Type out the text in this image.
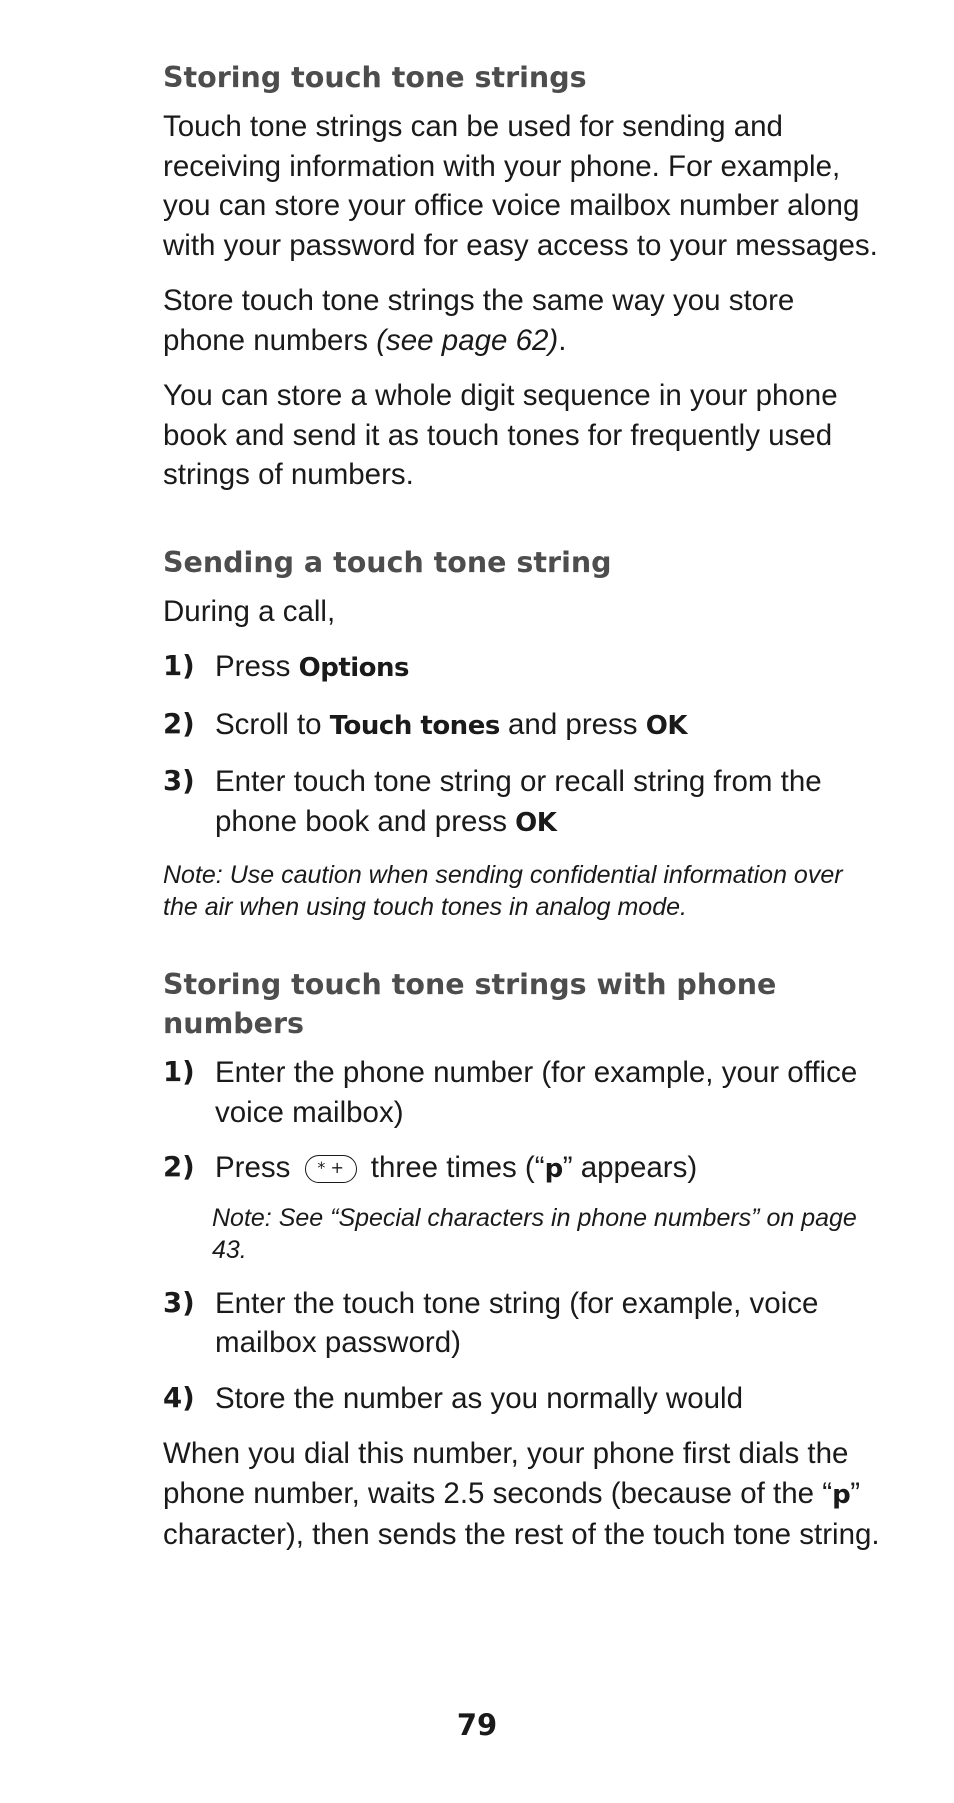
Storing touch tone strings

Touch tone strings can be used for sending and receiving information with your phone. For example, you can store your office voice mailbox number along with your password for easy access to your messages.

Store touch tone strings the same way you store phone numbers (see page 62).

You can store a whole digit sequence in your phone book and send it as touch tones for frequently used strings of numbers.

Sending a touch tone string

During a call,

1) Press Options
2) Scroll to Touch tones and press OK
3) Enter touch tone string or recall string from the phone book and press OK

Note: Use caution when sending confidential information over the air when using touch tones in analog mode.

Storing touch tone strings with phone numbers
1) Enter the phone number (for example, your office voice mailbox)
2) Press * + three times (“p” appears)

Note: See “Special characters in phone numbers” on page 43.

3) Enter the touch tone string (for example, voice mailbox password)
4) Store the number as you normally would

When you dial this number, your phone first dials the phone number, waits 2.5 seconds (because of the “p” character), then sends the rest of the touch tone string.

79
